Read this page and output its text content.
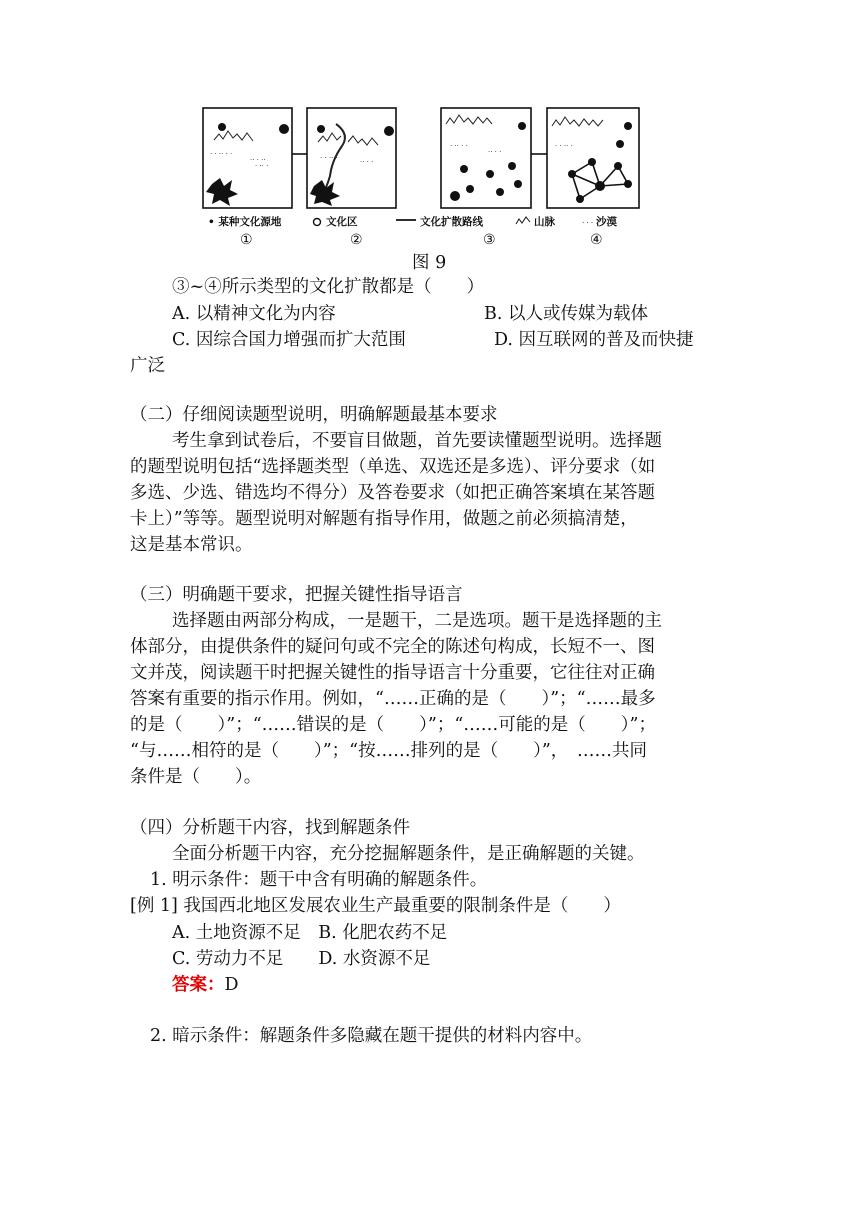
· · ·· · ·
·· · ··
· ·· ·
· · ·· ·	·· · ·
· ·· · ·
·· · ·
· · ·· ·
· · ·
• 某种文化源地	文化区	文化扩散路线	山脉	沙漠
①	②	③	④
图 9
③~④所示类型的文化扩散都是（　　）
A. 以精神文化为内容	B. 以人或传媒为载体
C. 因综合国力增强而扩大范围	D. 因互联网的普及而快捷
广泛
（二）仔细阅读题型说明，明确解题最基本要求
考生拿到试卷后，不要盲目做题，首先要读懂题型说明。选择题
的题型说明包括“选择题类型（单选、双选还是多选）、评分要求（如
多选、少选、错选均不得分）及答卷要求（如把正确答案填在某答题
卡上）”等等。题型说明对解题有指导作用，做题之前必须搞清楚，
这是基本常识。
（三）明确题干要求，把握关键性指导语言
选择题由两部分构成，一是题干，二是选项。题干是选择题的主
体部分，由提供条件的疑问句或不完全的陈述句构成，长短不一、图
文并茂，阅读题干时把握关键性的指导语言十分重要，它往往对正确
答案有重要的指示作用。例如，“……正确的是（　　）”；“……最多
的是（　　）”；“……错误的是（　　）”；“……可能的是（　　）”；
“与……相符的是（　　）”；“按……排列的是（　　）”，　……共同
条件是（　　）。
（四）分析题干内容，找到解题条件
全面分析题干内容，充分挖掘解题条件，是正确解题的关键。
1. 明示条件：题干中含有明确的解题条件。
[例 1] 我国西北地区发展农业生产最重要的限制条件是（　　）
A. 土地资源不足　B. 化肥农药不足
C. 劳动力不足　　D. 水资源不足
答案：D
2. 暗示条件：解题条件多隐藏在题干提供的材料内容中。
